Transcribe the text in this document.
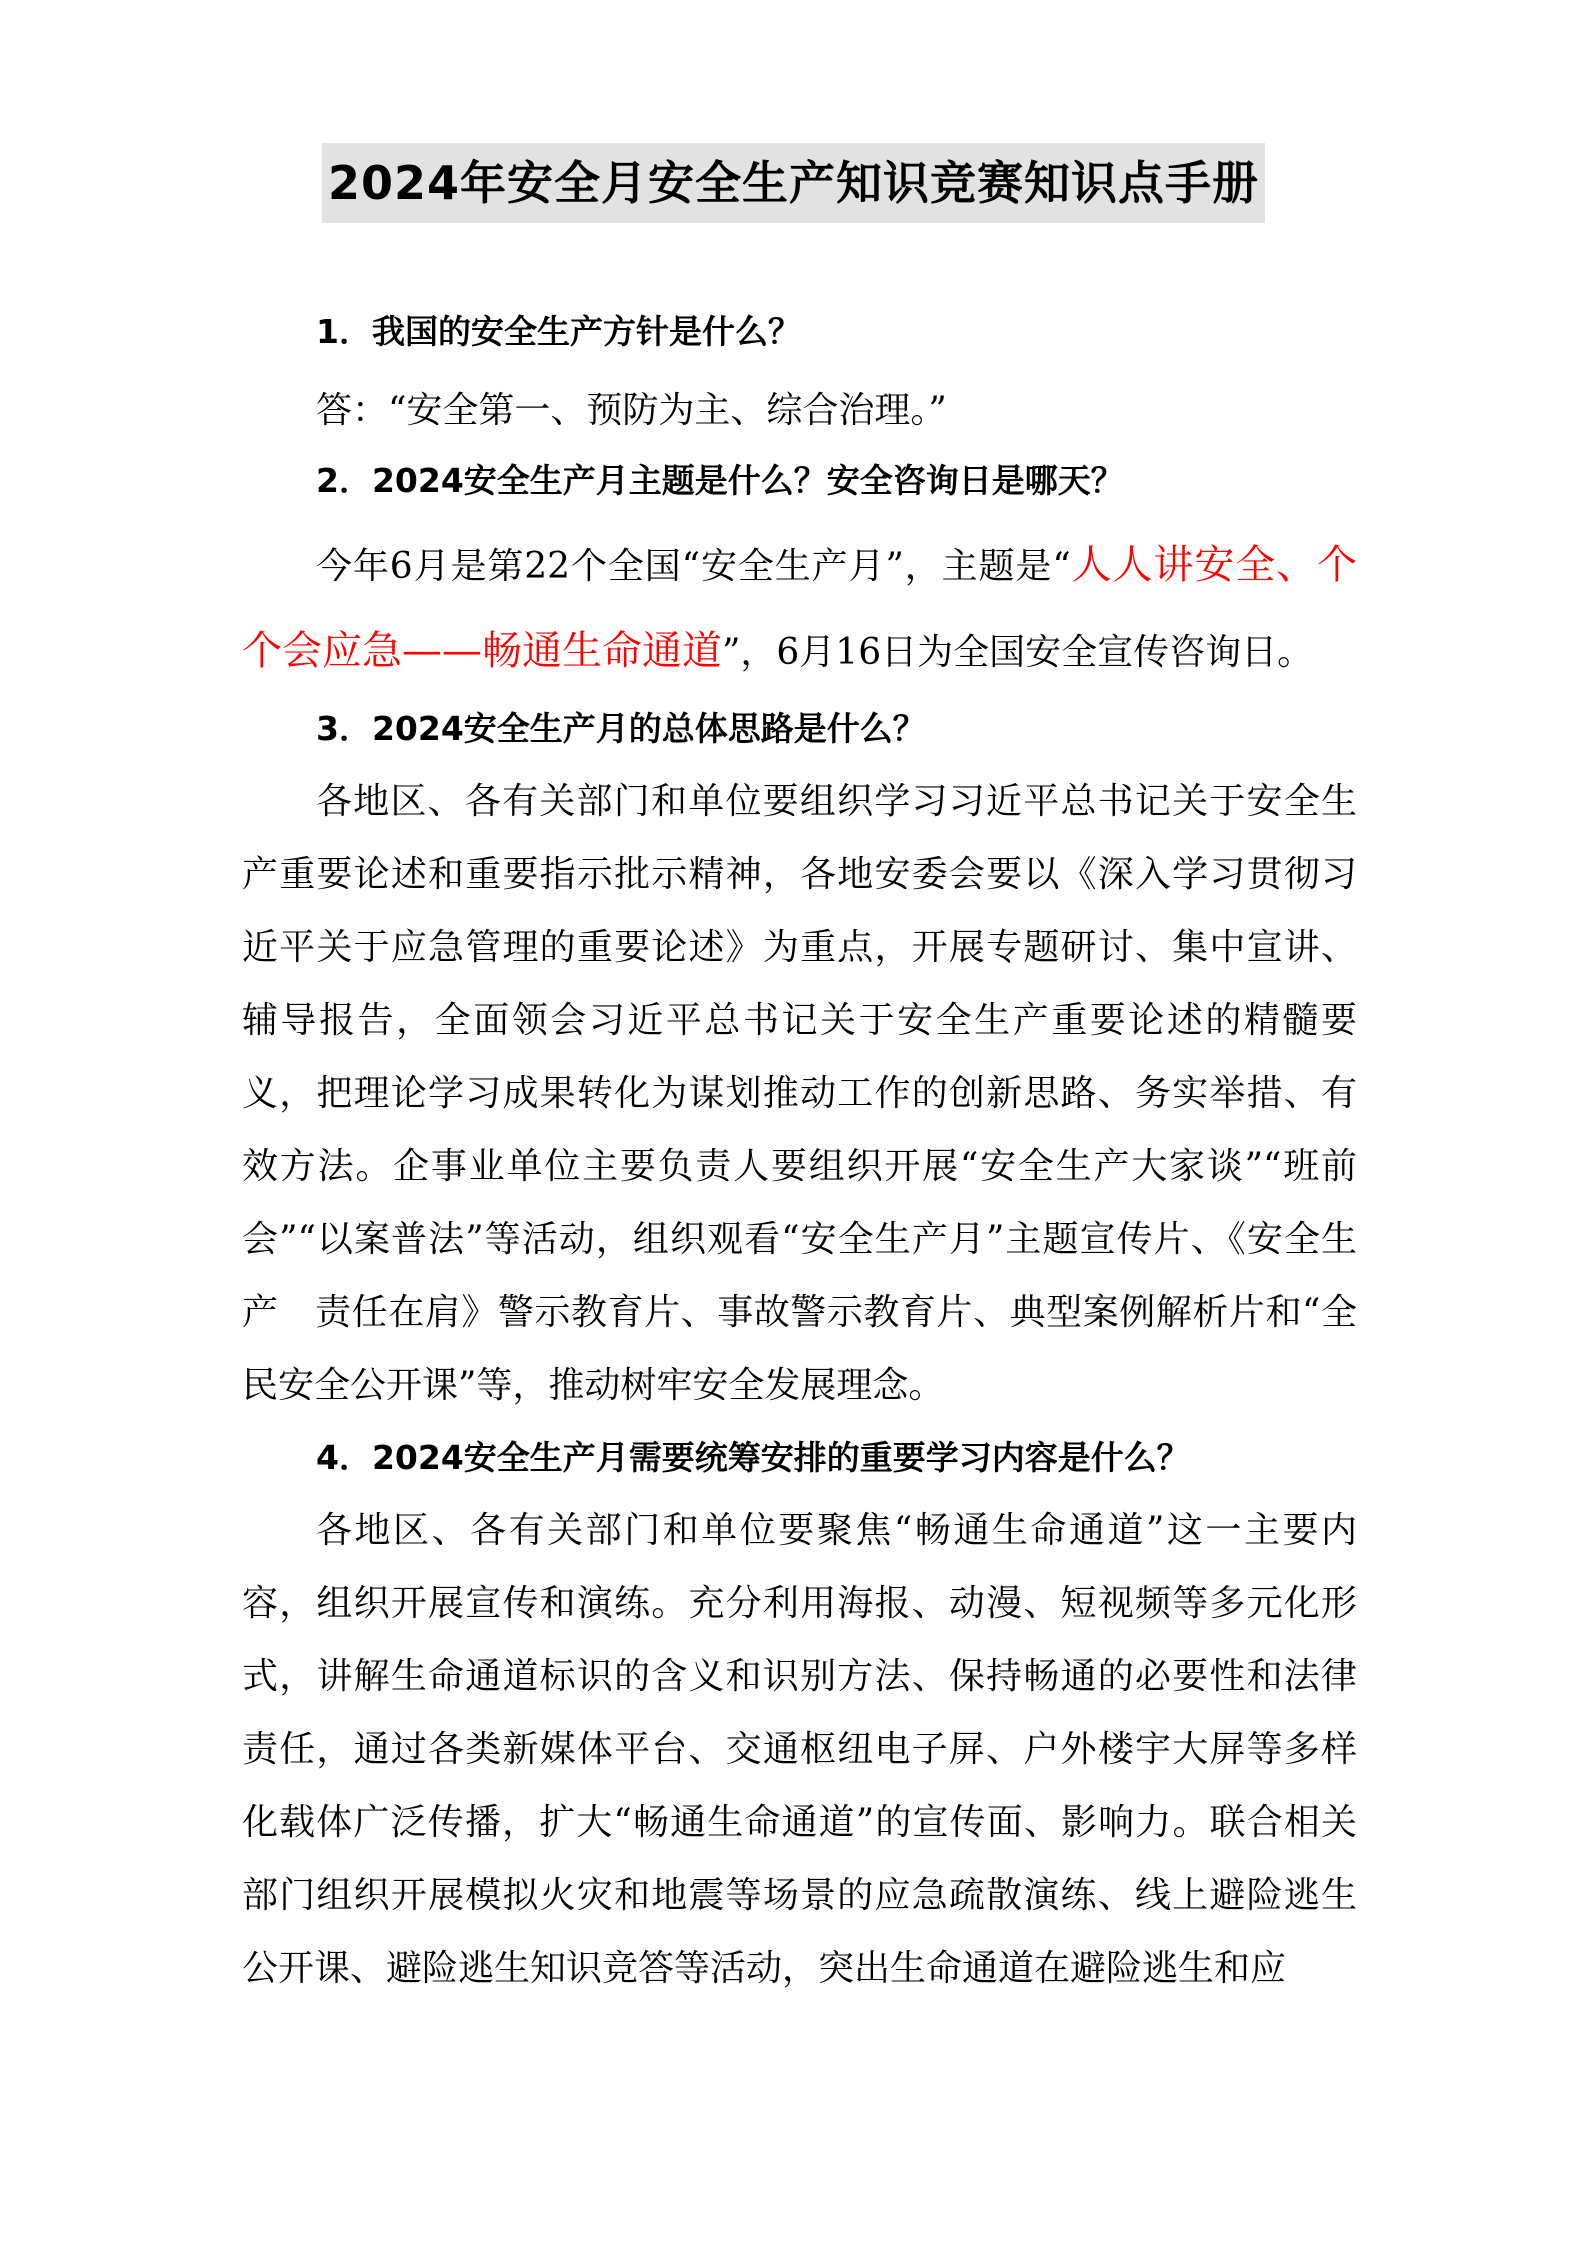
2024年安全月安全生产知识竞赛知识点手册

1．我国的安全生产方针是什么？

答：“安全第一、预防为主、综合治理。”

2．2024安全生产月主题是什么？安全咨询日是哪天？

今年6月是第22个全国“安全生产月”，主题是“人人讲安全、个个会应急——畅通生命通道”，6月16日为全国安全宣传咨询日。

3．2024安全生产月的总体思路是什么？

各地区、各有关部门和单位要组织学习习近平总书记关于安全生产重要论述和重要指示批示精神，各地安委会要以《深入学习贯彻习近平关于应急管理的重要论述》为重点，开展专题研讨、集中宣讲、辅导报告，全面领会习近平总书记关于安全生产重要论述的精髓要义，把理论学习成果转化为谋划推动工作的创新思路、务实举措、有效方法。企事业单位主要负责人要组织开展“安全生产大家谈”“班前会”“以案普法”等活动，组织观看“安全生产月”主题宣传片、《安全生产　责任在肩》警示教育片、事故警示教育片、典型案例解析片和“全民安全公开课”等，推动树牢安全发展理念。

4．2024安全生产月需要统筹安排的重要学习内容是什么？

各地区、各有关部门和单位要聚焦“畅通生命通道”这一主要内容，组织开展宣传和演练。充分利用海报、动漫、短视频等多元化形式，讲解生命通道标识的含义和识别方法、保持畅通的必要性和法律责任，通过各类新媒体平台、交通枢纽电子屏、户外楼宇大屏等多样化载体广泛传播，扩大“畅通生命通道”的宣传面、影响力。联合相关部门组织开展模拟火灾和地震等场景的应急疏散演练、线上避险逃生公开课、避险逃生知识竞答等活动，突出生命通道在避险逃生和应
